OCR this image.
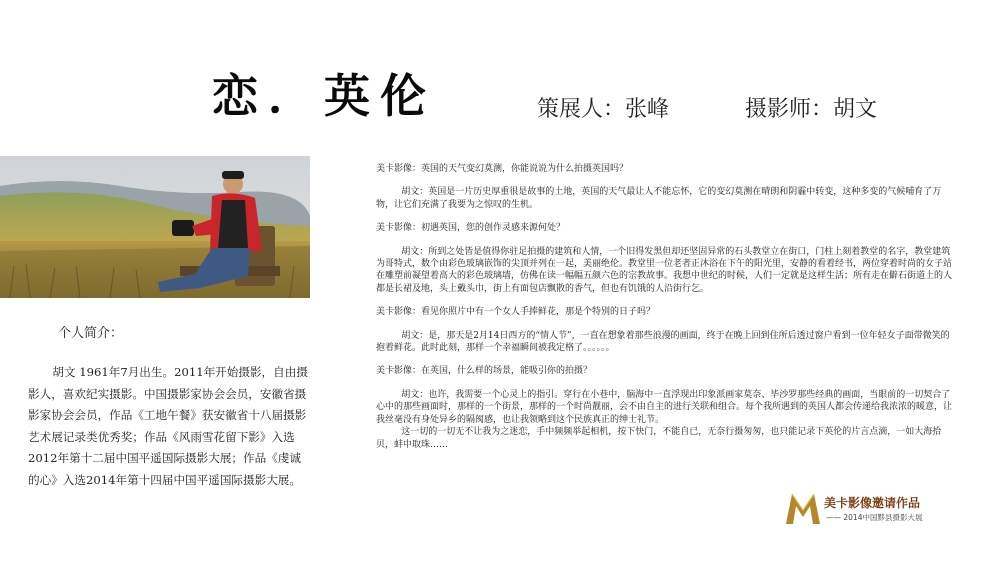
恋．英伦	策展人：张峰	摄影师：胡文
个人简介：
胡文 1961年7月出生。2011年开始摄影，自由摄影人，喜欢纪实摄影。中国摄影家协会会员，安徽省摄影家协会会员，作品《工地午餐》获安徽省十八届摄影艺术展记录类优秀奖；作品《风雨雪花留下影》入选2012年第十二届中国平遥国际摄影大展；作品《虔诚的心》入选2014年第十四届中国平遥国际摄影大展。

美卡影像：英国的天气变幻莫测，你能说说为什么拍摄英国吗？

胡文：英国是一片历史厚重很是故事的土地，英国的天气最让人不能忘怀，它的变幻莫测在晴朗和阴霾中转变，这种多变的气候哺育了万物，让它们充满了我要为之惊叹的生机。

美卡影像：初遇英国，您的创作灵感来源何处？

胡文：所到之处皆是值得你驻足拍摄的建筑和人情，一个旧得发黑但却还坚固异常的石头教堂立在街口，门柱上刻着教堂的名字，教堂建筑为哥特式，数个由彩色玻璃嵌饰的尖顶并列在一起，美丽绝伦。教堂里一位老者正沐浴在下午的阳光里，安静的看着经书，两位穿着时尚的女子站在雕塑前凝望着高大的彩色玻璃墙，仿佛在读一幅幅五颜六色的宗教故事。我想中世纪的时候，人们一定就是这样生活；所有走在僻石街道上的人都是长裙及地，头上戴头巾，街上有面包店飘散的香气，但也有饥饿的人沿街行乞。

美卡影像：看见你照片中有一个女人手捧鲜花，那是个特别的日子吗？

胡文：是，那天是2月14日西方的“情人节”，一直在想象着那些浪漫的画面，终于在晚上回到住所后透过窗户看到一位年轻女子面带微笑的抱着鲜花。此时此刻，那样一个幸福瞬间被我定格了。。。。。。

美卡影像：在英国，什么样的场景，能吸引你的拍摄？

胡文：也许，我需要一个心灵上的指引。穿行在小巷中，脑海中一直浮现出印象派画家莫奈、毕沙罗那些经典的画面，当眼前的一切契合了心中的那些画面时，那样的一个街景，那样的一个时尚靓丽，会不由自主的进行关联和组合。每个我所遇到的英国人都会传递给我浓浓的暖意，让我丝毫没有身处异乡的隔阂感，也让我领略到这个民族真正的绅士礼节。

这一切的一切无不让我为之迷恋，手中频频举起相机，按下快门，不能自已，无奈行摄匆匆，也只能记录下英伦的片言点滴，一如大海拾贝，蚌中取珠……

美卡影像邀请作品
—— 2014中国黟县摄影大展
